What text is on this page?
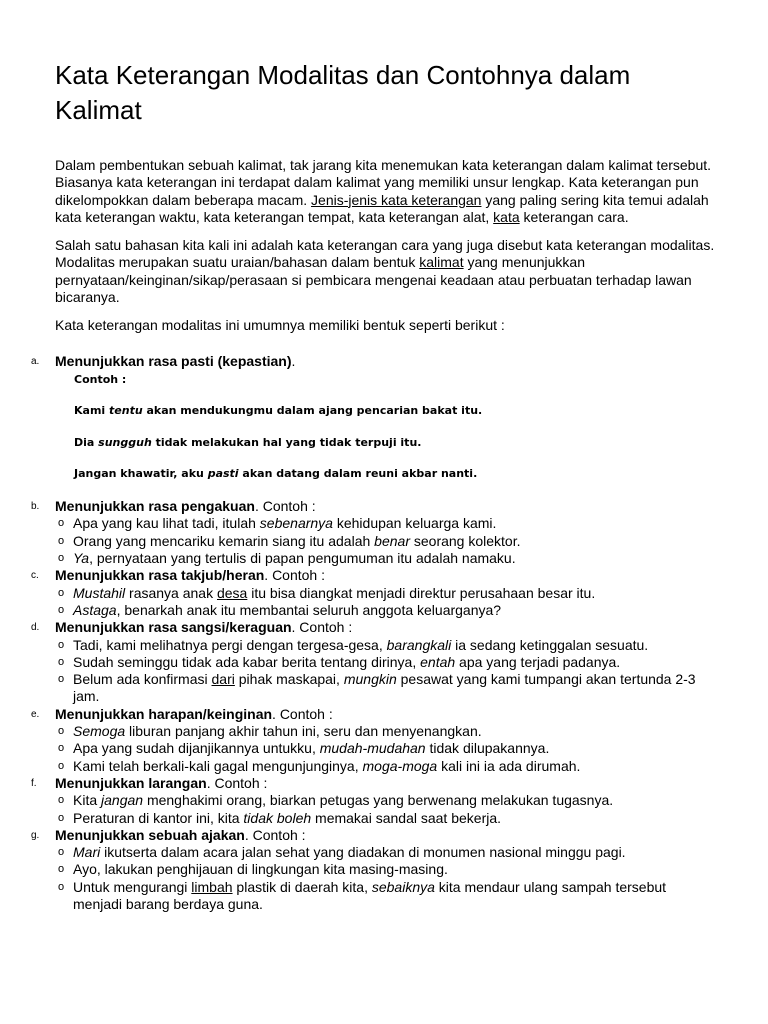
Kata Keterangan Modalitas dan Contohnya dalam Kalimat

Dalam pembentukan sebuah kalimat, tak jarang kita menemukan kata keterangan dalam kalimat tersebut. Biasanya kata keterangan ini terdapat dalam kalimat yang memiliki unsur lengkap. Kata keterangan pun dikelompokkan dalam beberapa macam. Jenis-jenis kata keterangan yang paling sering kita temui adalah kata keterangan waktu, kata keterangan tempat, kata keterangan alat, kata keterangan cara.

Salah satu bahasan kita kali ini adalah kata keterangan cara yang juga disebut kata keterangan modalitas. Modalitas merupakan suatu uraian/bahasan dalam bentuk kalimat yang menunjukkan pernyataan/keinginan/sikap/perasaan si pembicara mengenai keadaan atau perbuatan terhadap lawan bicaranya.

Kata keterangan modalitas ini umumnya memiliki bentuk seperti berikut :

a. Menunjukkan rasa pasti (kepastian).
Contoh :
Kami tentu akan mendukungmu dalam ajang pencarian bakat itu.
Dia sungguh tidak melakukan hal yang tidak terpuji itu.
Jangan khawatir, aku pasti akan datang dalam reuni akbar nanti.
b. Menunjukkan rasa pengakuan. Contoh :
o Apa yang kau lihat tadi, itulah sebenarnya kehidupan keluarga kami.
o Orang yang mencariku kemarin siang itu adalah benar seorang kolektor.
o Ya, pernyataan yang tertulis di papan pengumuman itu adalah namaku.
c. Menunjukkan rasa takjub/heran. Contoh :
o Mustahil rasanya anak desa itu bisa diangkat menjadi direktur perusahaan besar itu.
o Astaga, benarkah anak itu membantai seluruh anggota keluarganya?
d. Menunjukkan rasa sangsi/keraguan. Contoh :
o Tadi, kami melihatnya pergi dengan tergesa-gesa, barangkali ia sedang ketinggalan sesuatu.
o Sudah seminggu tidak ada kabar berita tentang dirinya, entah apa yang terjadi padanya.
o Belum ada konfirmasi dari pihak maskapai, mungkin pesawat yang kami tumpangi akan tertunda 2-3 jam.
e. Menunjukkan harapan/keinginan. Contoh :
o Semoga liburan panjang akhir tahun ini, seru dan menyenangkan.
o Apa yang sudah dijanjikannya untukku, mudah-mudahan tidak dilupakannya.
o Kami telah berkali-kali gagal mengunjunginya, moga-moga kali ini ia ada dirumah.
f. Menunjukkan larangan. Contoh :
o Kita jangan menghakimi orang, biarkan petugas yang berwenang melakukan tugasnya.
o Peraturan di kantor ini, kita tidak boleh memakai sandal saat bekerja.
g. Menunjukkan sebuah ajakan. Contoh :
o Mari ikutserta dalam acara jalan sehat yang diadakan di monumen nasional minggu pagi.
o Ayo, lakukan penghijauan di lingkungan kita masing-masing.
o Untuk mengurangi limbah plastik di daerah kita, sebaiknya kita mendaur ulang sampah tersebut menjadi barang berdaya guna.
